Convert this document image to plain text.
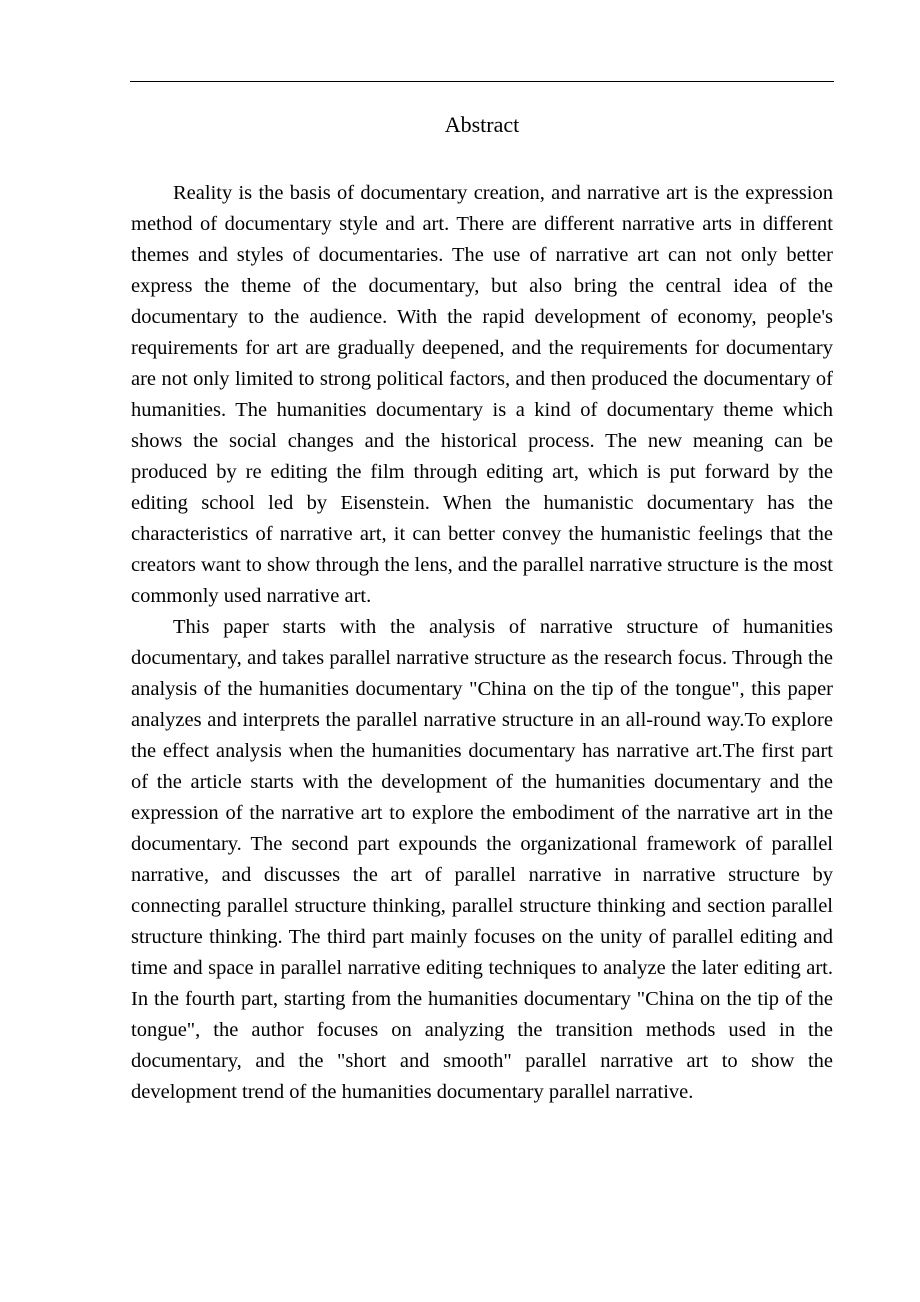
Abstract

Reality is the basis of documentary creation, and narrative art is the expression method of documentary style and art. There are different narrative arts in different themes and styles of documentaries. The use of narrative art can not only better express the theme of the documentary, but also bring the central idea of the documentary to the audience. With the rapid development of economy, people's requirements for art are gradually deepened, and the requirements for documentary are not only limited to strong political factors, and then produced the documentary of humanities. The humanities documentary is a kind of documentary theme which shows the social changes and the historical process. The new meaning can be produced by re editing the film through editing art, which is put forward by the editing school led by Eisenstein. When the humanistic documentary has the characteristics of narrative art, it can better convey the humanistic feelings that the creators want to show through the lens, and the parallel narrative structure is the most commonly used narrative art.

This paper starts with the analysis of narrative structure of humanities documentary, and takes parallel narrative structure as the research focus. Through the analysis of the humanities documentary "China on the tip of the tongue", this paper analyzes and interprets the parallel narrative structure in an all-round way.To explore the effect analysis when the humanities documentary has narrative art.The first part of the article starts with the development of the humanities documentary and the expression of the narrative art to explore the embodiment of the narrative art in the documentary. The second part expounds the organizational framework of parallel narrative, and discusses the art of parallel narrative in narrative structure by connecting parallel structure thinking, parallel structure thinking and section parallel structure thinking. The third part mainly focuses on the unity of parallel editing and time and space in parallel narrative editing techniques to analyze the later editing art. In the fourth part, starting from the humanities documentary "China on the tip of the tongue", the author focuses on analyzing the transition methods used in the documentary, and the "short and smooth" parallel narrative art to show the development trend of the humanities documentary parallel narrative.
